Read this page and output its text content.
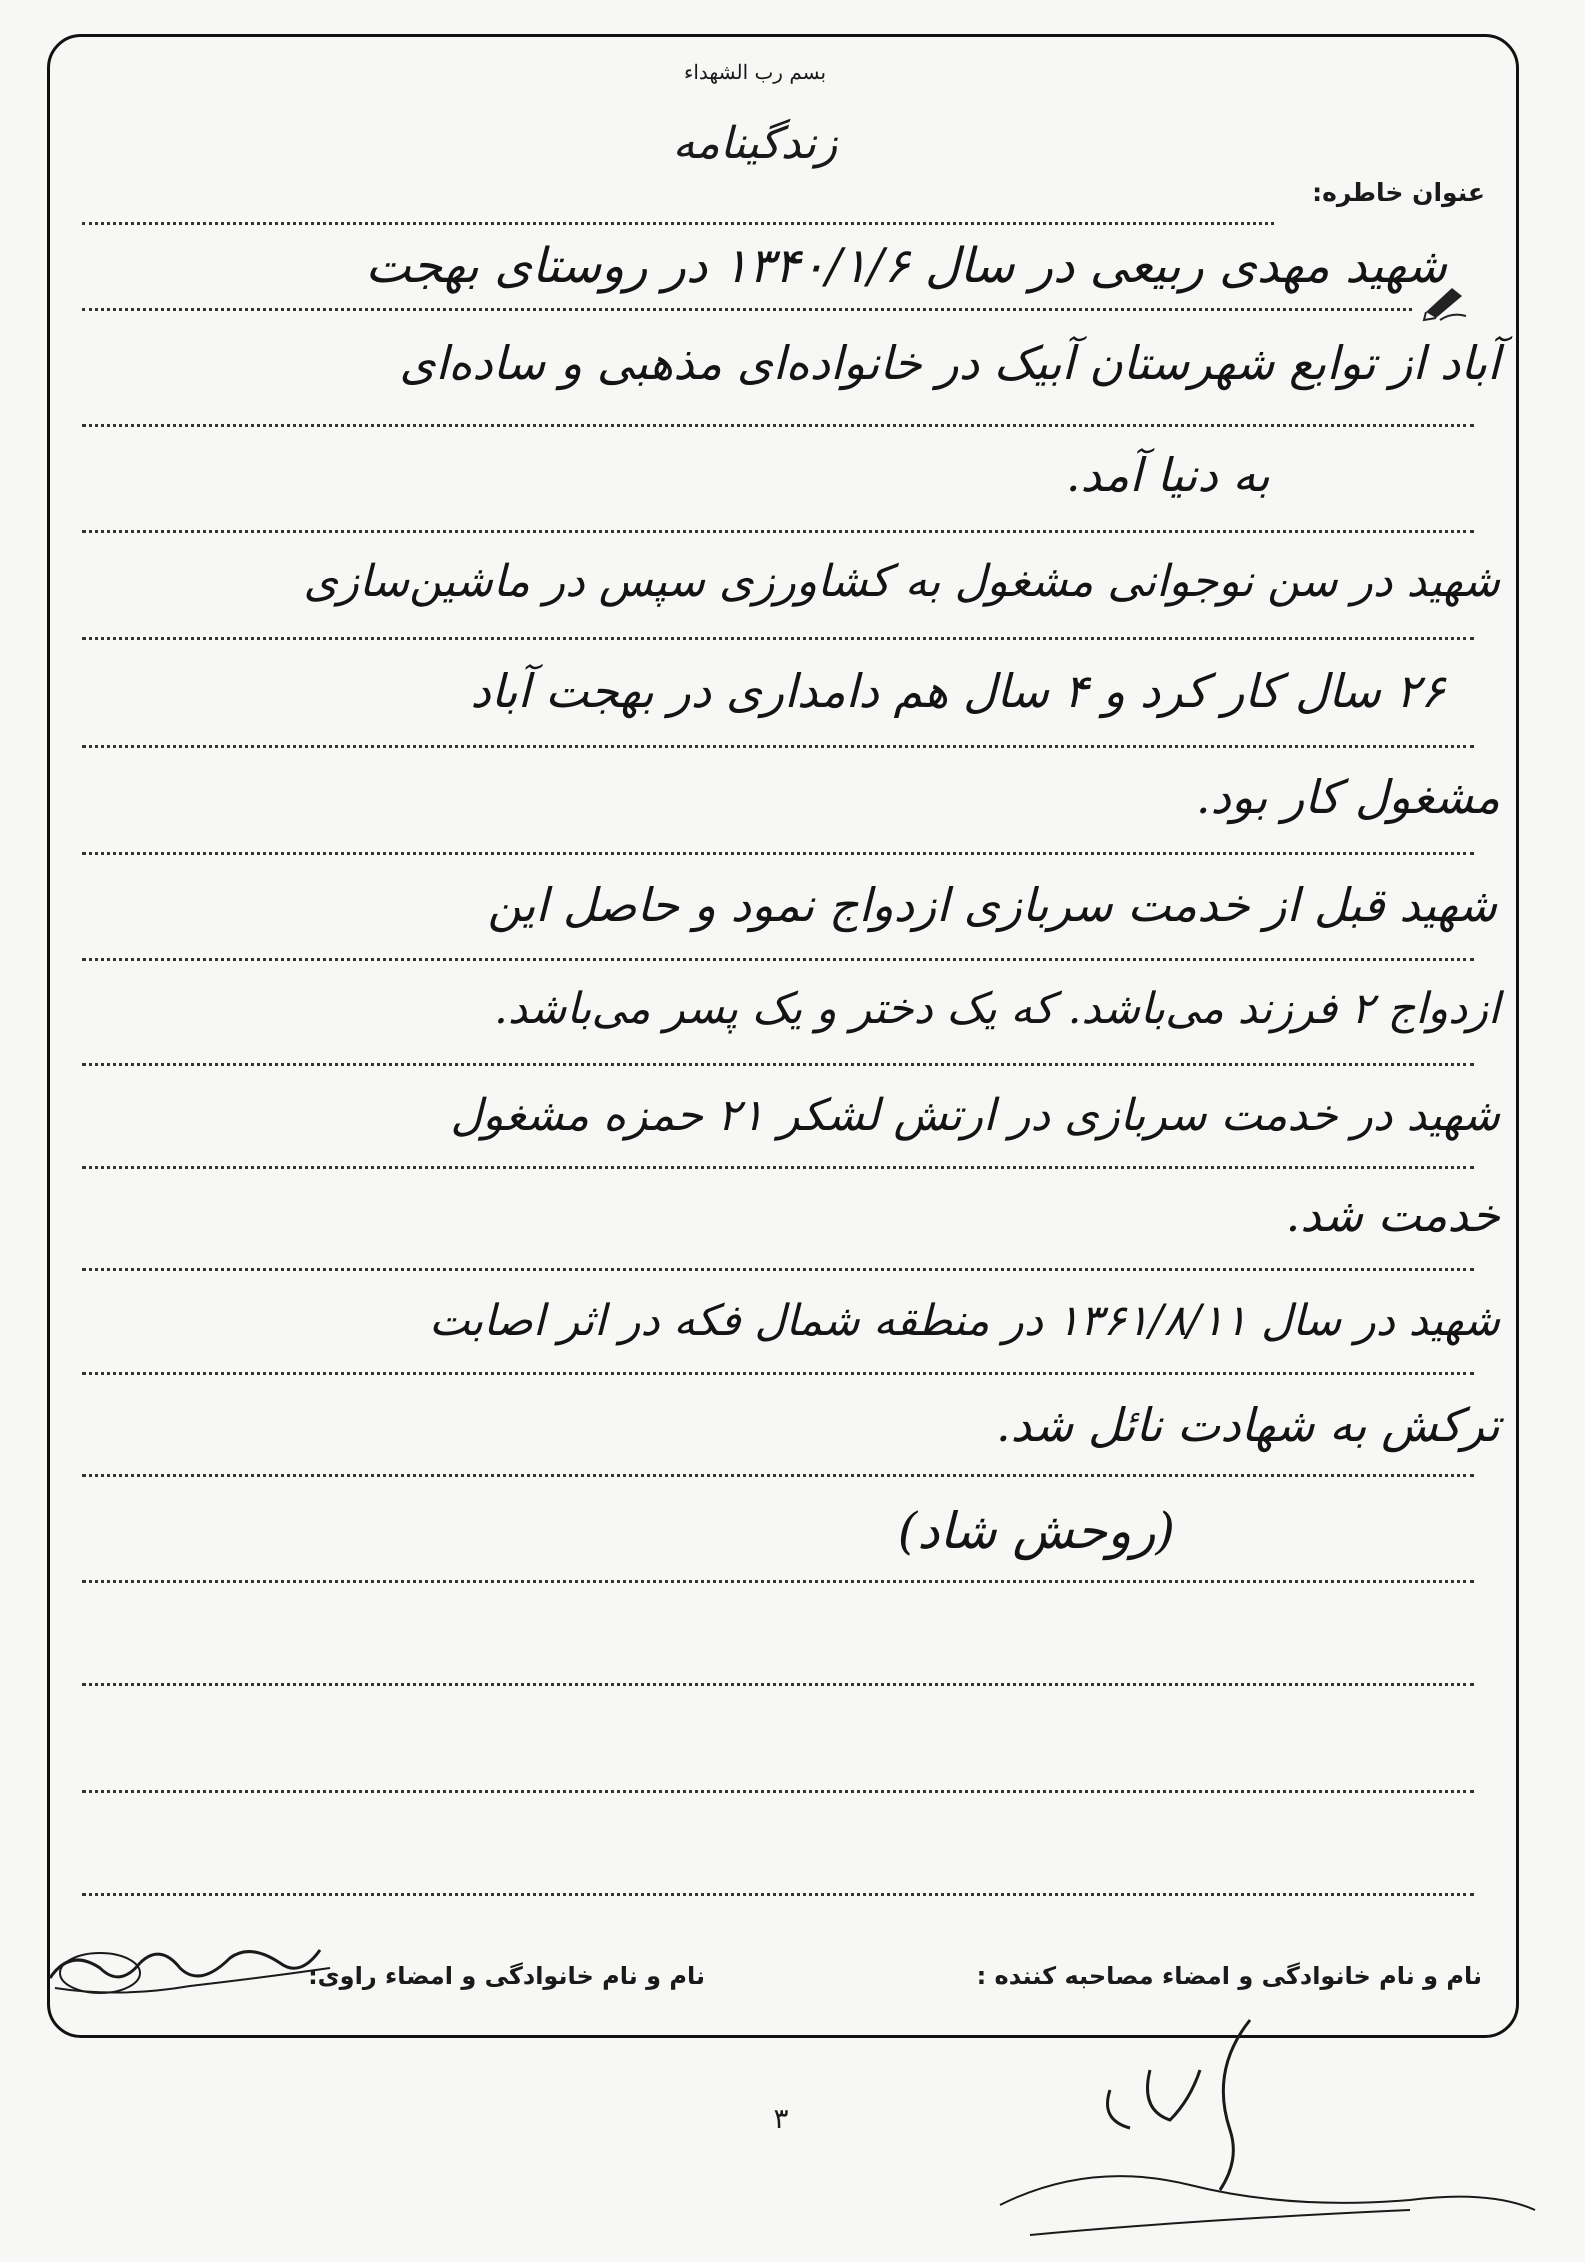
بسم رب الشهداء
زندگینامه
عنوان خاطره:
شهید مهدی ربیعی در سال ۱۳۴۰/۱/۶ در روستای بهجت
آباد از توابع شهرستان آبیک در خانواده‌ای مذهبی و ساده‌ای
به دنیا آمد.
شهید در سن نوجوانی مشغول به کشاورزی سپس در ماشین‌سازی
۲۶ سال کار کرد و ۴ سال هم دامداری در بهجت آباد
مشغول کار بود.
شهید قبل از خدمت سربازی ازدواج نمود و حاصل این
ازدواج ۲ فرزند می‌باشد. که یک دختر و یک پسر می‌باشد.
شهید در خدمت سربازی در ارتش لشکر ۲۱ حمزه مشغول
خدمت شد.
شهید در سال ۱۳۶۱/۸/۱۱ در منطقه شمال فکه در اثر اصابت
ترکش به شهادت نائل شد.
(روحش شاد)
نام و نام خانوادگی و امضاء مصاحبه کننده :
نام و نام خانوادگی و امضاء راوی:
۳
